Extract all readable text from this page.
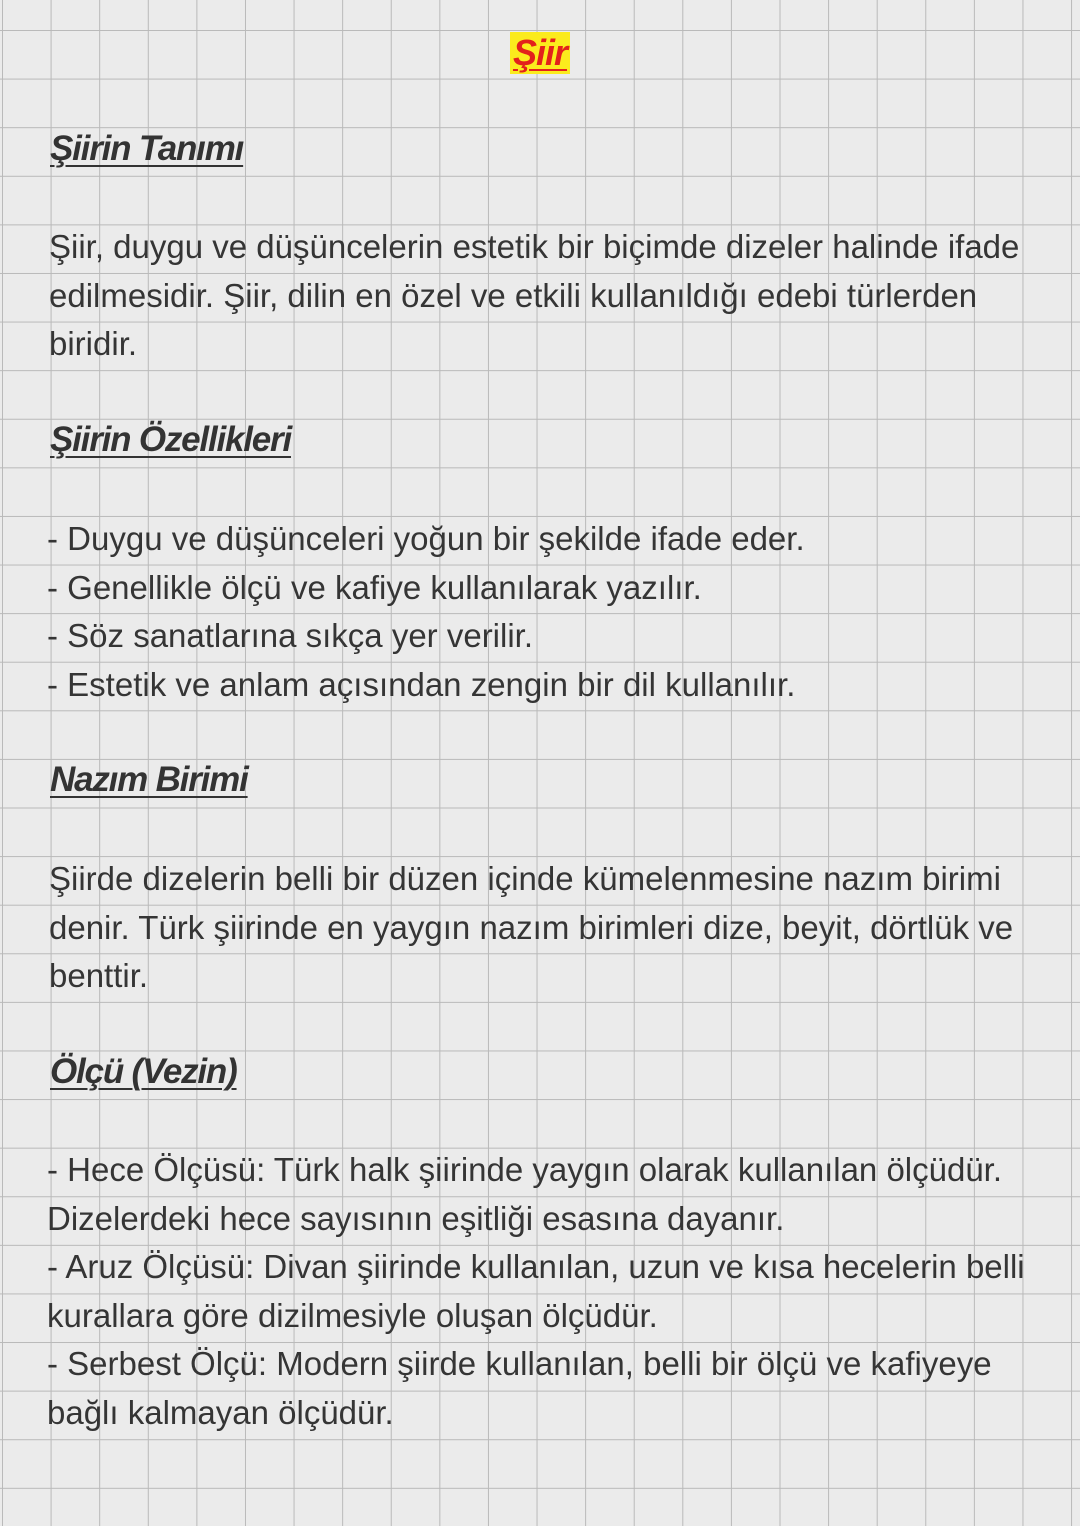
Şiir
Şiirin Tanımı

Şiir, duygu ve düşüncelerin estetik bir biçimde dizeler halinde ifade edilmesidir. Şiir, dilin en özel ve etkili kullanıldığı edebi türlerden biridir.

Şiirin Özellikleri
- Duygu ve düşünceleri yoğun bir şekilde ifade eder.
- Genellikle ölçü ve kafiye kullanılarak yazılır.
- Söz sanatlarına sıkça yer verilir.
- Estetik ve anlam açısından zengin bir dil kullanılır.
Nazım Birimi

Şiirde dizelerin belli bir düzen içinde kümelenmesine nazım birimi denir. Türk şiirinde en yaygın nazım birimleri dize, beyit, dörtlük ve benttir.

Ölçü (Vezin)
- Hece Ölçüsü: Türk halk şiirinde yaygın olarak kullanılan ölçüdür. Dizelerdeki hece sayısının eşitliği esasına dayanır.
- Aruz Ölçüsü: Divan şiirinde kullanılan, uzun ve kısa hecelerin belli kurallara göre dizilmesiyle oluşan ölçüdür.
- Serbest Ölçü: Modern şiirde kullanılan, belli bir ölçü ve kafiyeye bağlı kalmayan ölçüdür.
